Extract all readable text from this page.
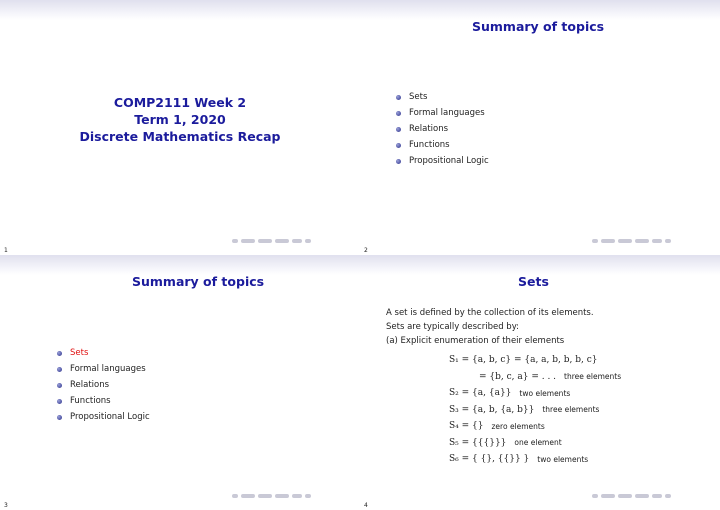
COMP2111 Week 2
Term 1, 2020
Discrete Mathematics Recap
1
Summary of topics
Sets
Formal languages
Relations
Functions
Propositional Logic
2
Summary of topics
Sets
Formal languages
Relations
Functions
Propositional Logic
3
Sets
A set is defined by the collection of its elements.
Sets are typically described by:
(a) Explicit enumeration of their elements
S₁ = {a, b, c} = {a, a, b, b, b, c}
= {b, c, a} = . . . three elements
S₂ = {a, {a}} two elements
S₃ = {a, b, {a, b}} three elements
S₄ = {} zero elements
S₅ = {{{}}} one element
S₆ = { {}, {{}} } two elements
4
